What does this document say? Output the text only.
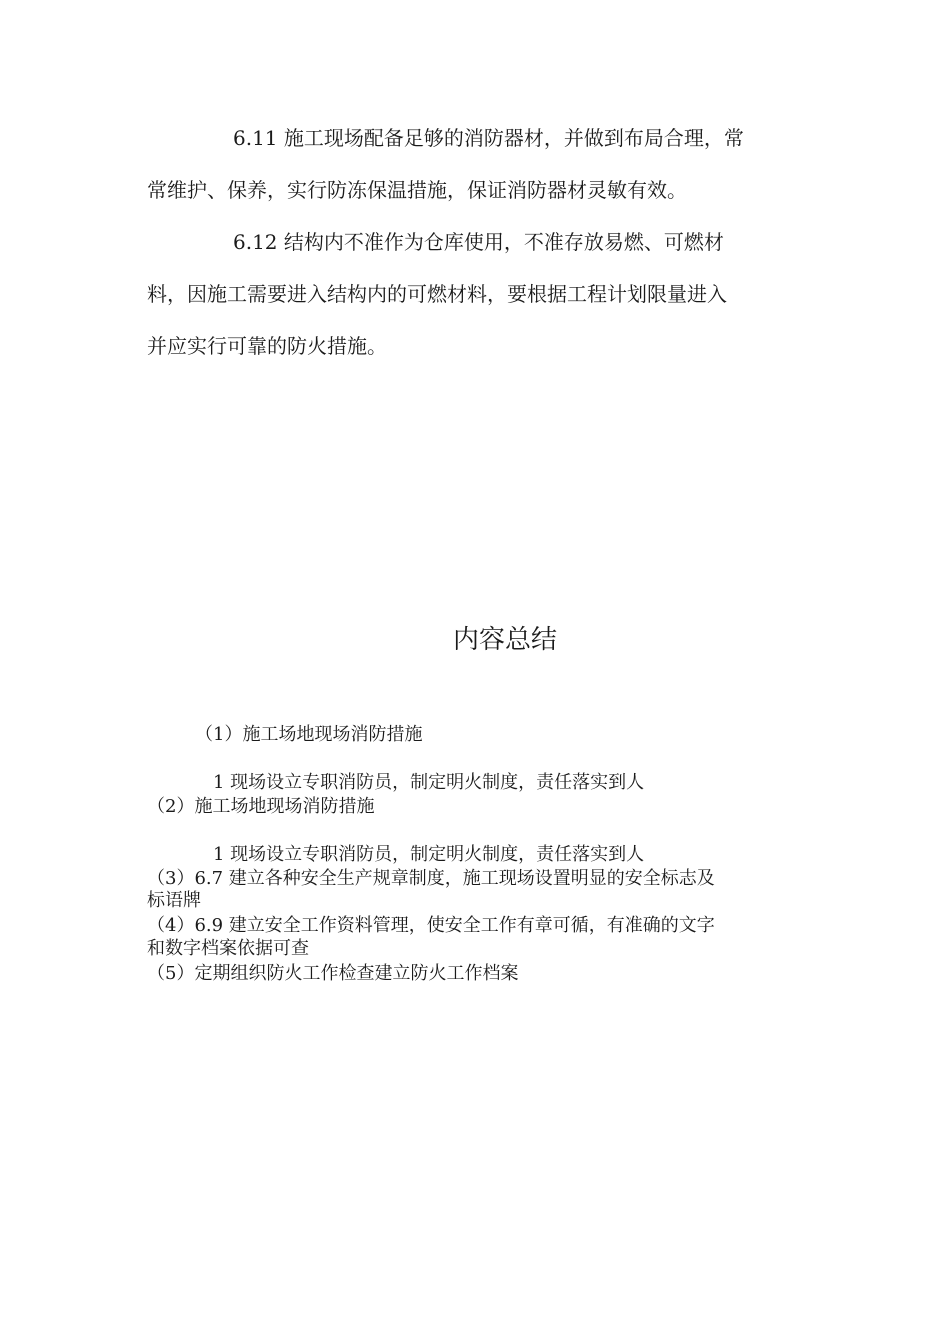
6.11 施工现场配备足够的消防器材，并做到布局合理，常
常维护、保养，实行防冻保温措施，保证消防器材灵敏有效。
6.12 结构内不准作为仓库使用，不准存放易燃、可燃材
料，因施工需要进入结构内的可燃材料，要根据工程计划限量进入
并应实行可靠的防火措施。
内容总结
（1）施工场地现场消防措施
1 现场设立专职消防员，制定明火制度，责任落实到人
（2）施工场地现场消防措施
1 现场设立专职消防员，制定明火制度，责任落实到人
（3）6.7 建立各种安全生产规章制度，施工现场设置明显的安全标志及
标语牌
（4）6.9 建立安全工作资料管理，使安全工作有章可循，有准确的文字
和数字档案依据可查
（5）定期组织防火工作检查建立防火工作档案
